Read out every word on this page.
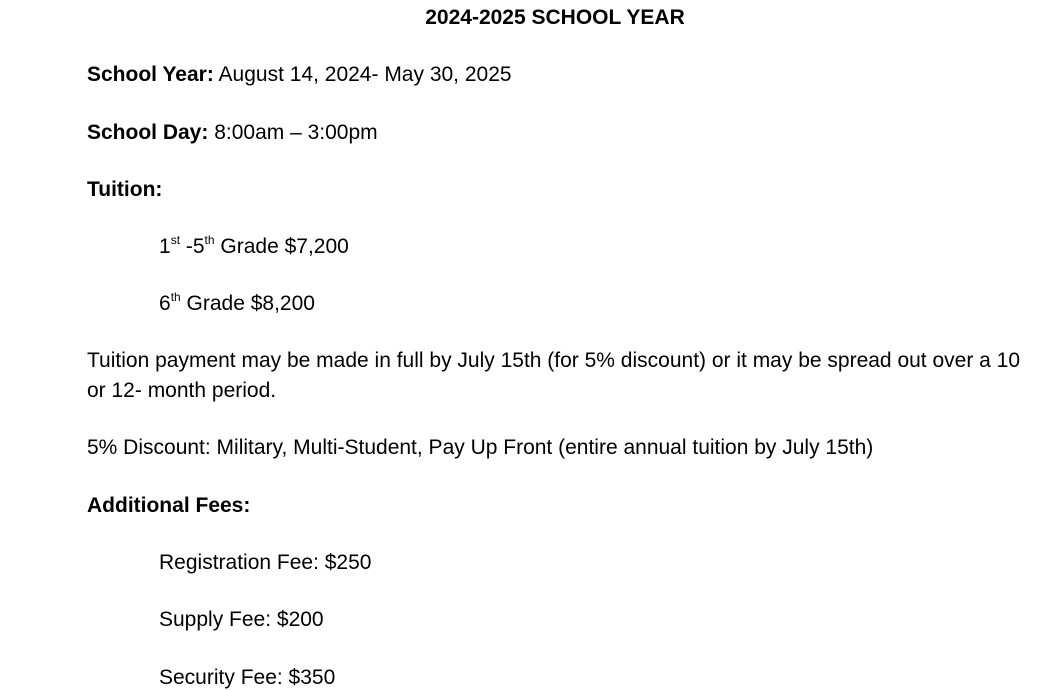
2024-2025 SCHOOL YEAR
School Year: August 14, 2024- May 30, 2025
School Day: 8:00am – 3:00pm
Tuition:
1st -5th Grade $7,200
6th Grade $8,200
Tuition payment may be made in full by July 15th (for 5% discount) or it may be spread out over a 10 or 12- month period.
5% Discount: Military, Multi-Student, Pay Up Front (entire annual tuition by July 15th)
Additional Fees:
Registration Fee: $250
Supply Fee: $200
Security Fee: $350
